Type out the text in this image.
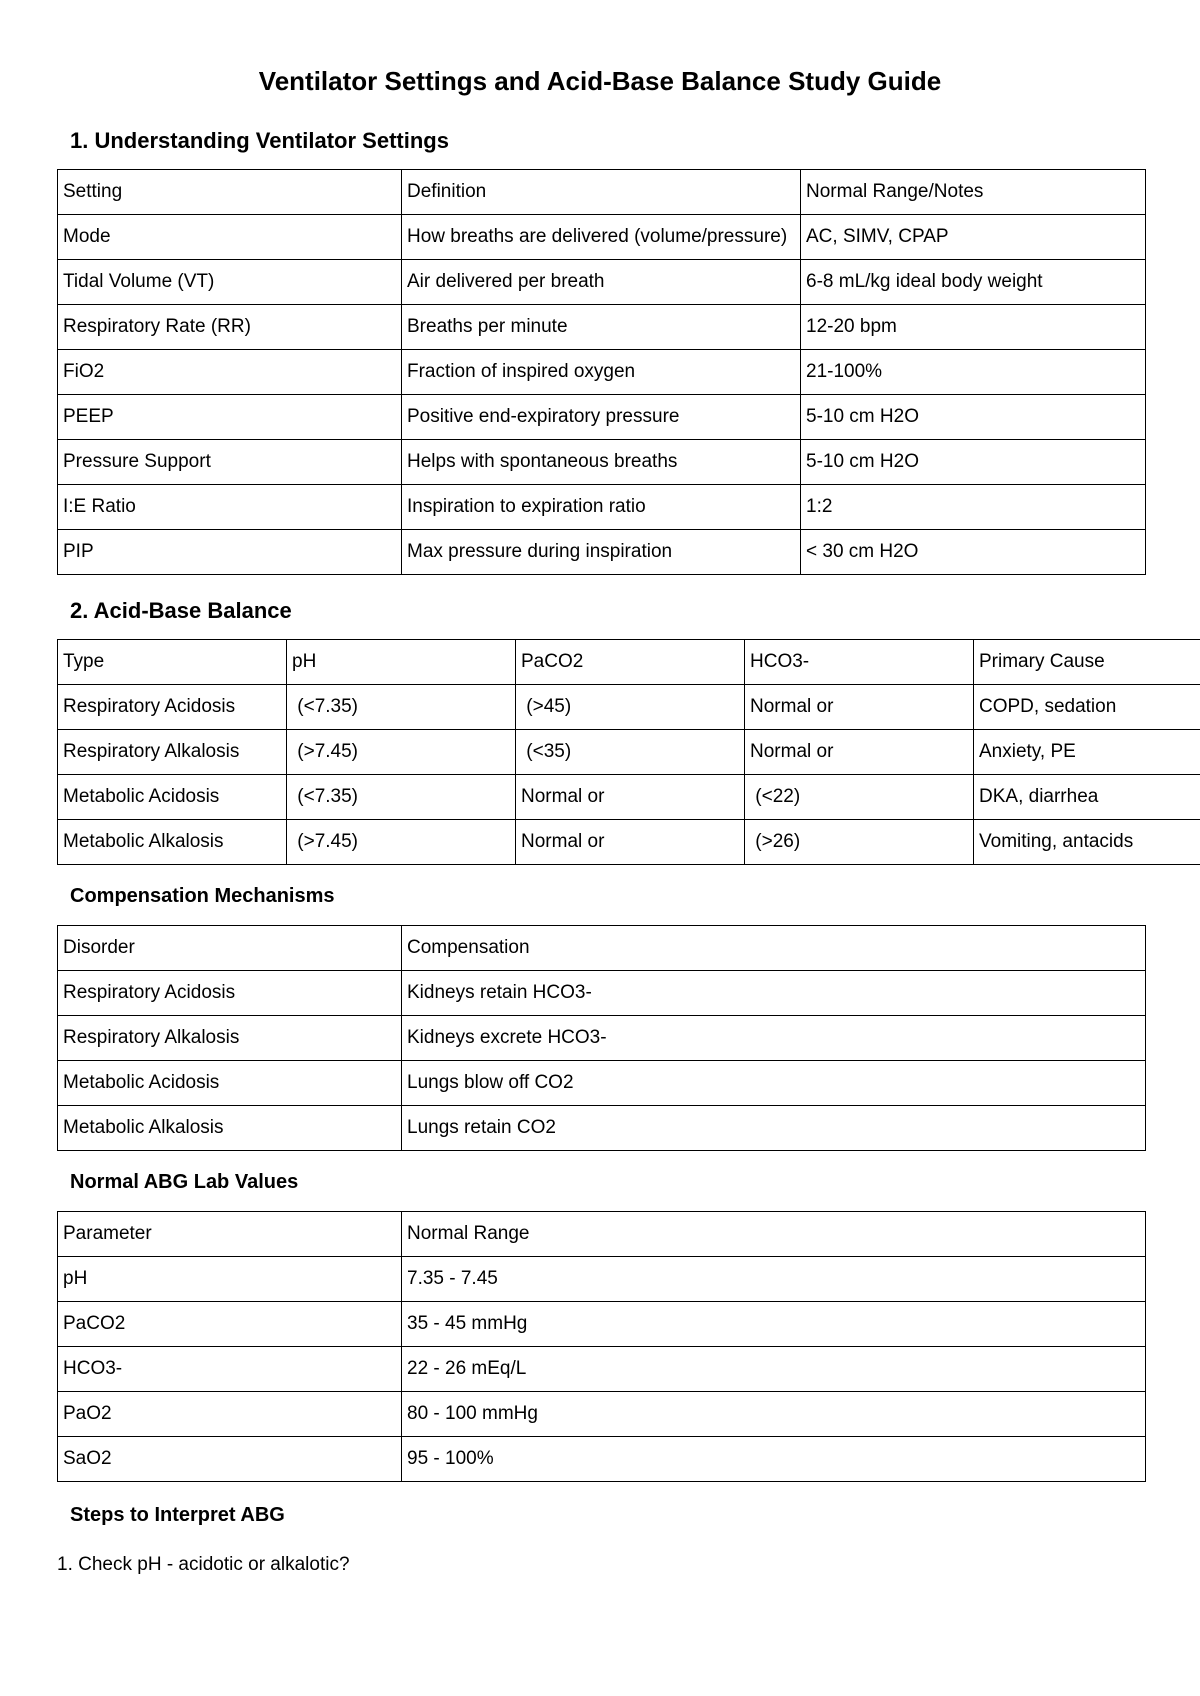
Ventilator Settings and Acid-Base Balance Study Guide
1. Understanding Ventilator Settings
Setting	Definition	Normal Range/Notes
Mode	How breaths are delivered (volume/pressure)	AC, SIMV, CPAP
Tidal Volume (VT)	Air delivered per breath	6-8 mL/kg ideal body weight
Respiratory Rate (RR)	Breaths per minute	12-20 bpm
FiO2	Fraction of inspired oxygen	21-100%
PEEP	Positive end-expiratory pressure	5-10 cm H2O
Pressure Support	Helps with spontaneous breaths	5-10 cm H2O
I:E Ratio	Inspiration to expiration ratio	1:2
PIP	Max pressure during inspiration	< 30 cm H2O
2. Acid-Base Balance
Type	pH	PaCO2	HCO3-	Primary Cause
Respiratory Acidosis	(<7.35)	(>45)	Normal or	COPD, sedation
Respiratory Alkalosis	(>7.45)	(<35)	Normal or	Anxiety, PE
Metabolic Acidosis	(<7.35)	Normal or	(<22)	DKA, diarrhea
Metabolic Alkalosis	(>7.45)	Normal or	(>26)	Vomiting, antacids
Compensation Mechanisms
Disorder	Compensation
Respiratory Acidosis	Kidneys retain HCO3-
Respiratory Alkalosis	Kidneys excrete HCO3-
Metabolic Acidosis	Lungs blow off CO2
Metabolic Alkalosis	Lungs retain CO2
Normal ABG Lab Values
Parameter	Normal Range
pH	7.35 - 7.45
PaCO2	35 - 45 mmHg
HCO3-	22 - 26 mEq/L
PaO2	80 - 100 mmHg
SaO2	95 - 100%
Steps to Interpret ABG

1. Check pH - acidotic or alkalotic?
